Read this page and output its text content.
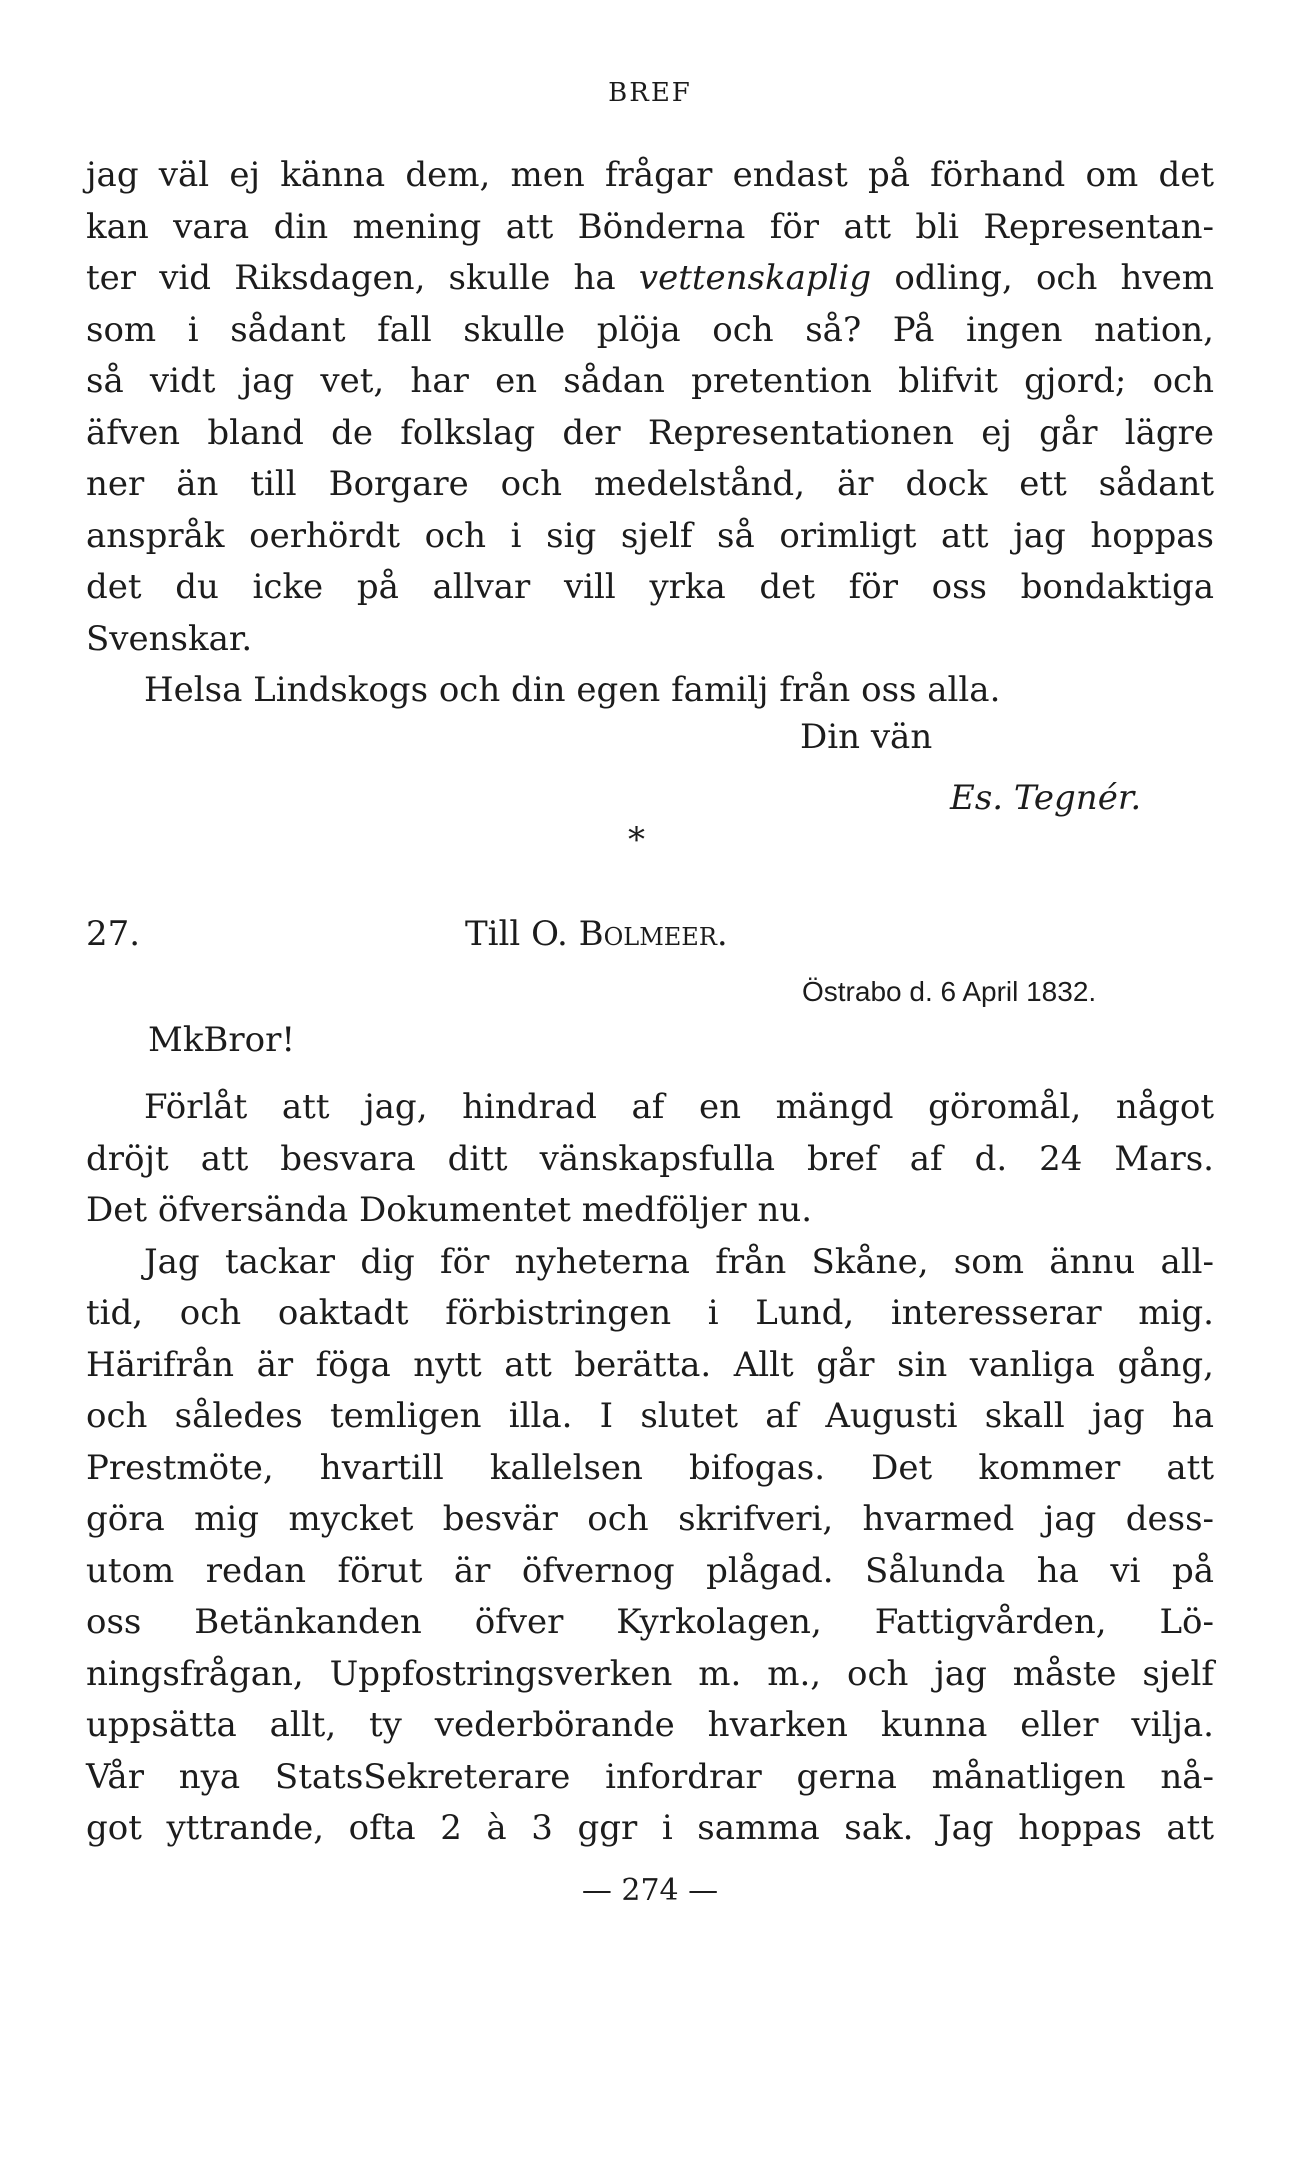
BREF
jag väl ej känna dem, men frågar endast på förhand om det
kan vara din mening att Bönderna för att bli Representan-
ter vid Riksdagen, skulle ha vettenskaplig odling, och hvem
som i sådant fall skulle plöja och så? På ingen nation,
så vidt jag vet, har en sådan pretention blifvit gjord; och
äfven bland de folkslag der Representationen ej går lägre
ner än till Borgare och medelstånd, är dock ett sådant
anspråk oerhördt och i sig sjelf så orimligt att jag hoppas
det du icke på allvar vill yrka det för oss bondaktiga
Svenskar.
Helsa Lindskogs och din egen familj från oss alla.
Din vän
Es. Tegnér.
*
27.	Till O. Bolmeer.
Östrabo d. 6 April 1832.
MkBror!
Förlåt att jag, hindrad af en mängd göromål, något
dröjt att besvara ditt vänskapsfulla bref af d. 24 Mars.
Det öfversända Dokumentet medföljer nu.
Jag tackar dig för nyheterna från Skåne, som ännu all-
tid, och oaktadt förbistringen i Lund, interesserar mig.
Härifrån är föga nytt att berätta. Allt går sin vanliga gång,
och således temligen illa. I slutet af Augusti skall jag ha
Prestmöte, hvartill kallelsen bifogas. Det kommer att
göra mig mycket besvär och skrifveri, hvarmed jag dess-
utom redan förut är öfvernog plågad. Sålunda ha vi på
oss Betänkanden öfver Kyrkolagen, Fattigvården, Lö-
ningsfrågan, Uppfostringsverken m. m., och jag måste sjelf
uppsätta allt, ty vederbörande hvarken kunna eller vilja.
Vår nya StatsSekreterare infordrar gerna månatligen nå-
got yttrande, ofta 2 à 3 ggr i samma sak. Jag hoppas att
— 274 —
